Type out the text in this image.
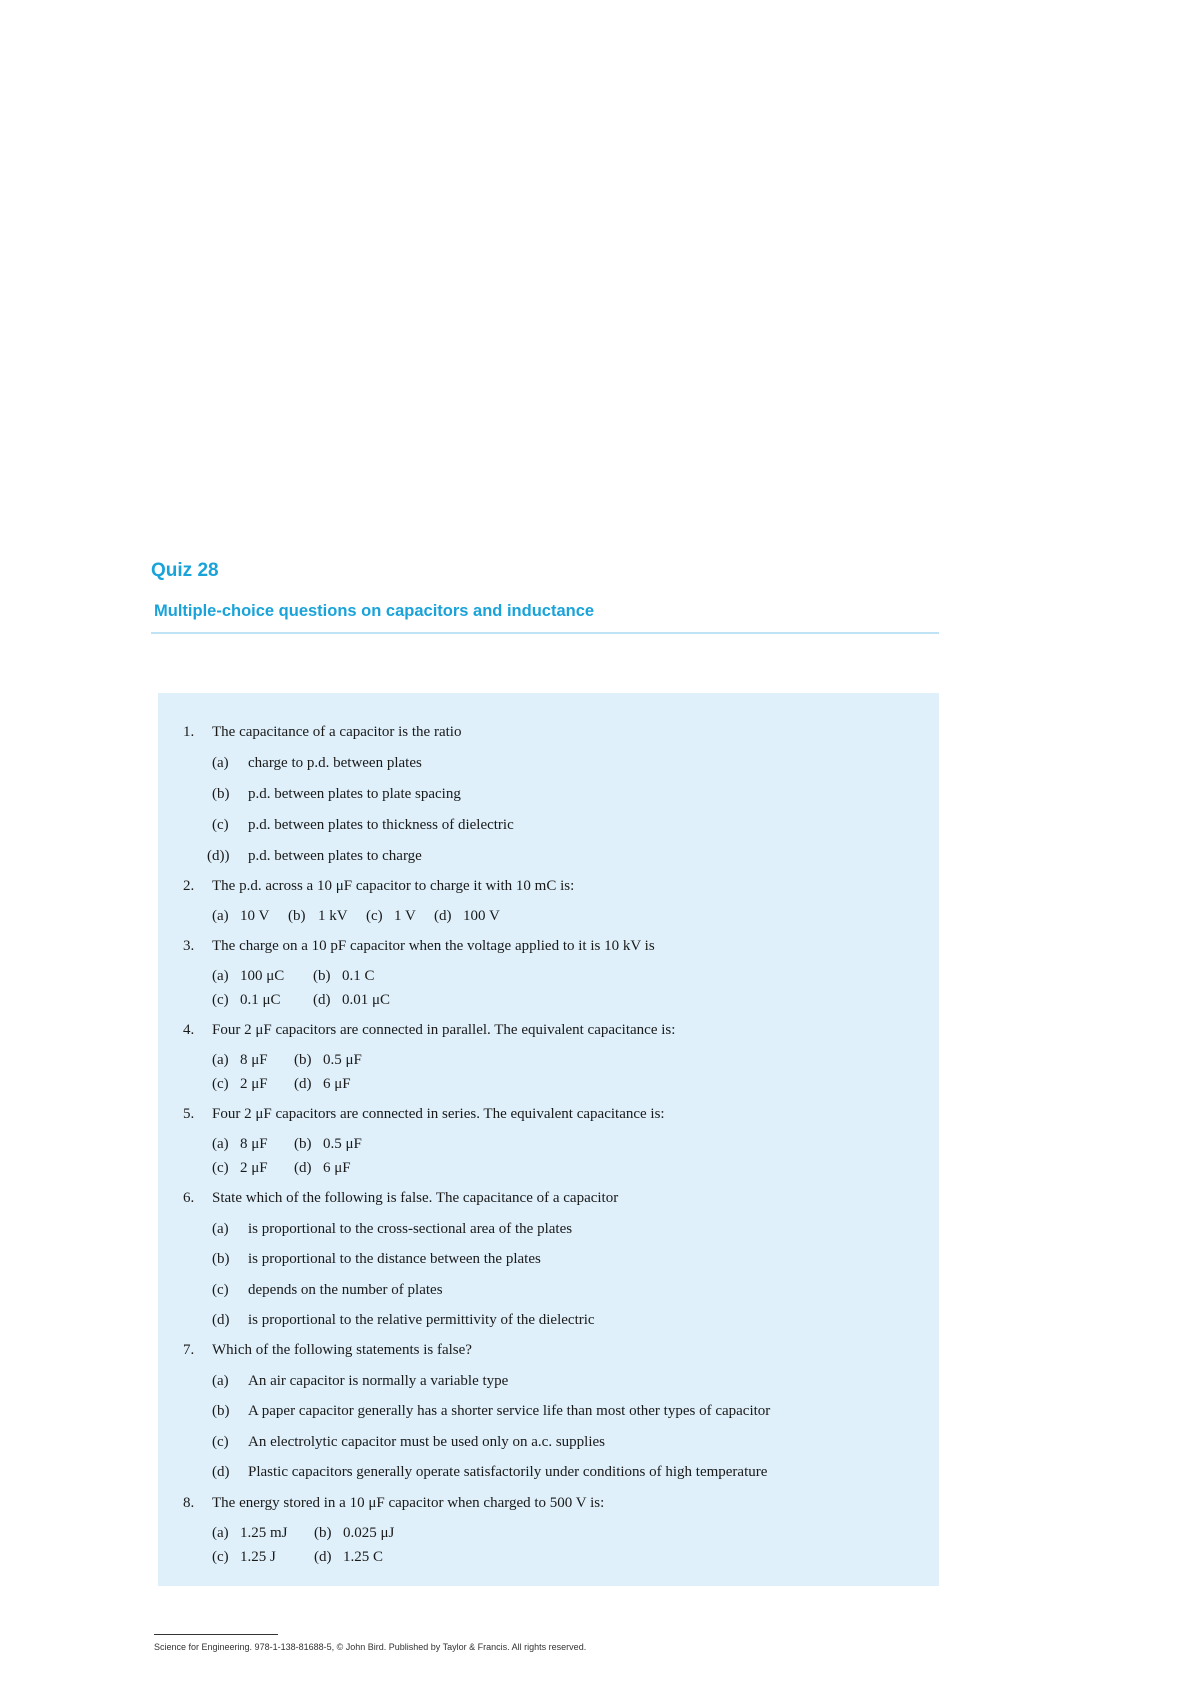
Quiz 28
Multiple-choice questions on capacitors and inductance
1. The capacitance of a capacitor is the ratio
(a) charge to p.d. between plates
(b) p.d. between plates to plate spacing
(c) p.d. between plates to thickness of dielectric
(d)) p.d. between plates to charge
2. The p.d. across a 10 μF capacitor to charge it with 10 mC is:
(a) 10 V (b) 1 kV (c) 1 V (d) 100 V
3. The charge on a 10 pF capacitor when the voltage applied to it is 10 kV is
(a) 100 μC (b) 0.1 C
(c) 0.1 μC (d) 0.01 μC
4. Four 2 μF capacitors are connected in parallel. The equivalent capacitance is:
(a) 8 μF (b) 0.5 μF
(c) 2 μF (d) 6 μF
5. Four 2 μF capacitors are connected in series. The equivalent capacitance is:
(a) 8 μF (b) 0.5 μF
(c) 2 μF (d) 6 μF
6. State which of the following is false. The capacitance of a capacitor
(a) is proportional to the cross-sectional area of the plates
(b) is proportional to the distance between the plates
(c) depends on the number of plates
(d) is proportional to the relative permittivity of the dielectric
7. Which of the following statements is false?
(a) An air capacitor is normally a variable type
(b) A paper capacitor generally has a shorter service life than most other types of capacitor
(c) An electrolytic capacitor must be used only on a.c. supplies
(d) Plastic capacitors generally operate satisfactorily under conditions of high temperature
8. The energy stored in a 10 μF capacitor when charged to 500 V is:
(a) 1.25 mJ (b) 0.025 μJ
(c) 1.25 J	(d) 1.25 C
Science for Engineering. 978-1-138-81688-5, © John Bird. Published by Taylor & Francis. All rights reserved.
